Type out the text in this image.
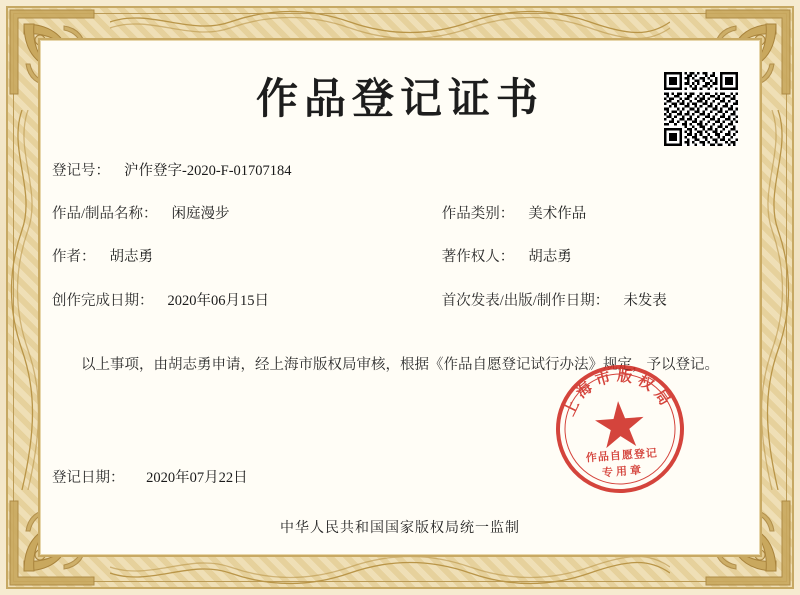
作品登记证书
登记号： 沪作登字-2020-F-01707184
作品/制品名称： 闲庭漫步	作品类别： 美术作品
作者： 胡志勇	著作权人： 胡志勇
创作完成日期： 2020年06月15日	首次发表/出版/制作日期： 未发表
以上事项，由胡志勇申请，经上海市版权局审核，根据《作品自愿登记试行办法》规定，予以登记。
登记日期： 2020年07月22日
上海市版权局
作品自愿登记
专用章
中华人民共和国国家版权局统一监制
